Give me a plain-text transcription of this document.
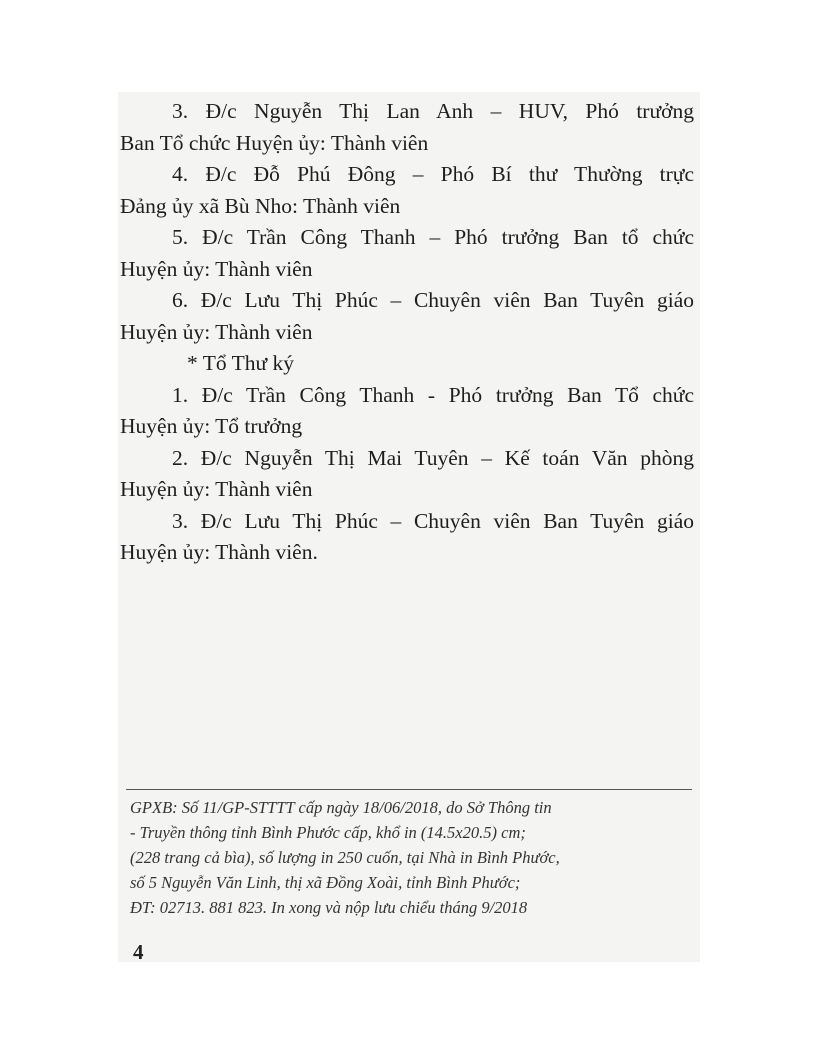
3. Đ/c Nguyễn Thị Lan Anh – HUV, Phó trưởng

Ban Tổ chức Huyện ủy: Thành viên

4. Đ/c Đỗ Phú Đông – Phó Bí thư Thường trực

Đảng ủy xã Bù Nho: Thành viên

5. Đ/c Trần Công Thanh – Phó trưởng Ban tổ chức

Huyện ủy: Thành viên

6. Đ/c Lưu Thị Phúc – Chuyên viên Ban Tuyên giáo

Huyện ủy: Thành viên

* Tổ Thư ký

1. Đ/c Trần Công Thanh - Phó trưởng Ban Tổ chức

Huyện ủy: Tổ trưởng

2. Đ/c Nguyễn Thị Mai Tuyên – Kế toán Văn phòng

Huyện ủy: Thành viên

3. Đ/c Lưu Thị Phúc – Chuyên viên Ban Tuyên giáo

Huyện ủy: Thành viên.

GPXB: Số 11/GP-STTTT cấp ngày 18/06/2018, do Sở Thông tin
- Truyền thông tỉnh Bình Phước cấp, khổ in (14.5x20.5) cm;
(228 trang cả bìa), số lượng in 250 cuốn, tại Nhà in Bình Phước,
số 5 Nguyễn Văn Linh, thị xã Đồng Xoài, tỉnh Bình Phước;
ĐT: 02713. 881 823. In xong và nộp lưu chiểu tháng 9/2018
4
